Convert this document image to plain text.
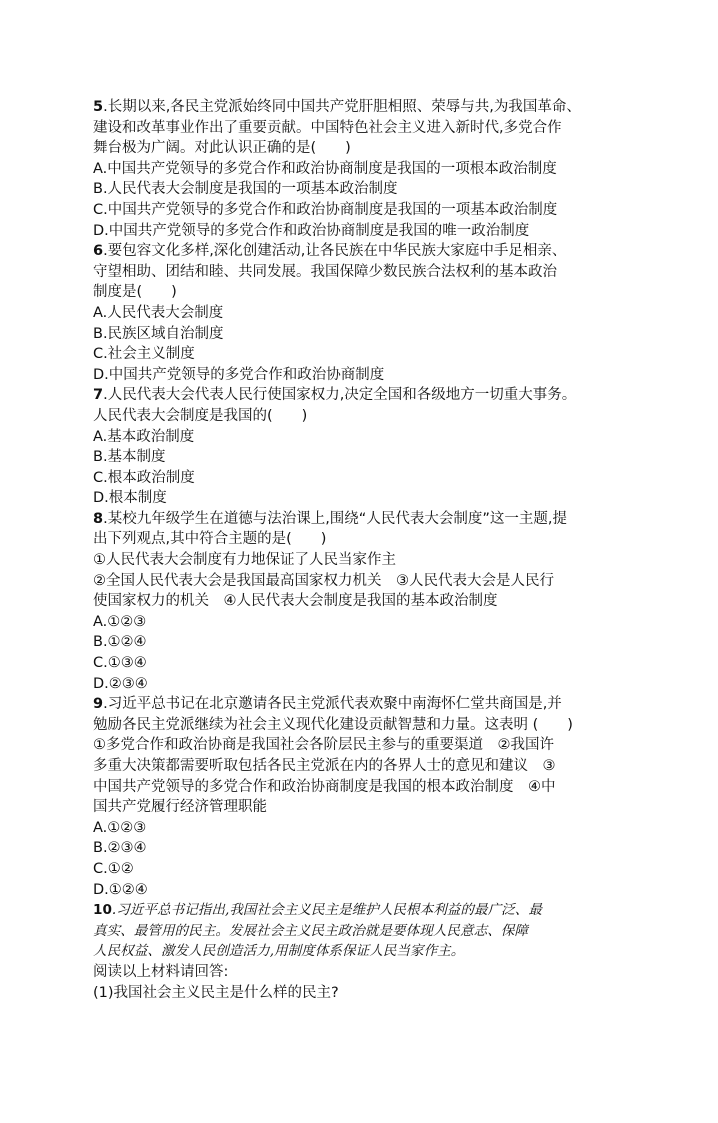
5.长期以来,各民主党派始终同中国共产党肝胆相照、荣辱与共,为我国革命、
建设和改革事业作出了重要贡献。中国特色社会主义进入新时代,多党合作
舞台极为广阔。对此认识正确的是(　　)
A.中国共产党领导的多党合作和政治协商制度是我国的一项根本政治制度
B.人民代表大会制度是我国的一项基本政治制度
C.中国共产党领导的多党合作和政治协商制度是我国的一项基本政治制度
D.中国共产党领导的多党合作和政治协商制度是我国的唯一政治制度
6.要包容文化多样,深化创建活动,让各民族在中华民族大家庭中手足相亲、
守望相助、团结和睦、共同发展。我国保障少数民族合法权利的基本政治
制度是(　　)
A.人民代表大会制度
B.民族区域自治制度
C.社会主义制度
D.中国共产党领导的多党合作和政治协商制度
7.人民代表大会代表人民行使国家权力,决定全国和各级地方一切重大事务。
人民代表大会制度是我国的(　　)
A.基本政治制度
B.基本制度
C.根本政治制度
D.根本制度
8.某校九年级学生在道德与法治课上,围绕“人民代表大会制度”这一主题,提
出下列观点,其中符合主题的是(　　)
①人民代表大会制度有力地保证了人民当家作主
②全国人民代表大会是我国最高国家权力机关　③人民代表大会是人民行
使国家权力的机关　④人民代表大会制度是我国的基本政治制度
A.①②③
B.①②④
C.①③④
D.②③④
9.习近平总书记在北京邀请各民主党派代表欢聚中南海怀仁堂共商国是,并
勉励各民主党派继续为社会主义现代化建设贡献智慧和力量。这表明 (　　)
①多党合作和政治协商是我国社会各阶层民主参与的重要渠道　②我国许
多重大决策都需要听取包括各民主党派在内的各界人士的意见和建议　③
中国共产党领导的多党合作和政治协商制度是我国的根本政治制度　④中
国共产党履行经济管理职能
A.①②③
B.②③④
C.①②
D.①②④
10.习近平总书记指出,我国社会主义民主是维护人民根本利益的最广泛、最
真实、最管用的民主。发展社会主义民主政治就是要体现人民意志、保障
人民权益、激发人民创造活力,用制度体系保证人民当家作主。
阅读以上材料请回答:
(1)我国社会主义民主是什么样的民主?
